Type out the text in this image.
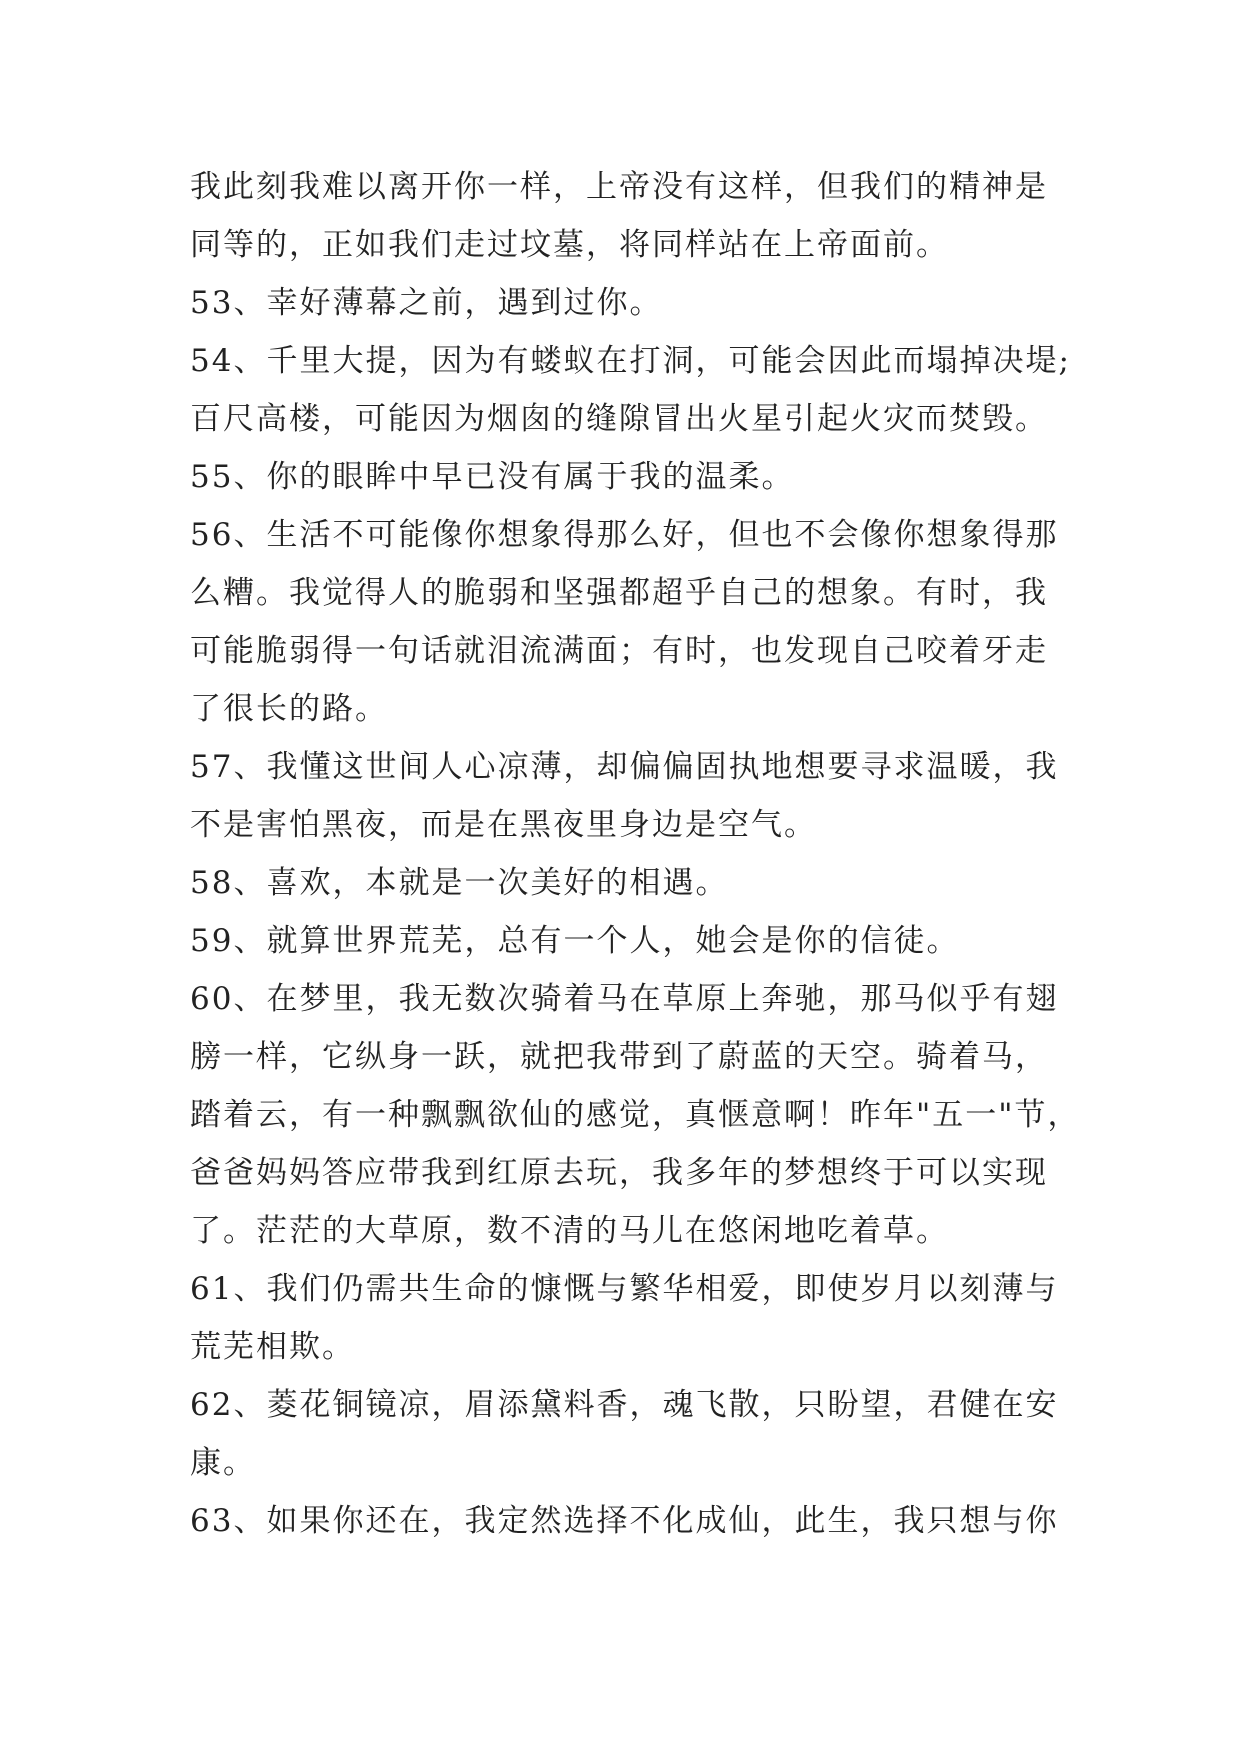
我此刻我难以离开你一样，上帝没有这样，但我们的精神是
同等的，正如我们走过坟墓，将同样站在上帝面前。
53、幸好薄幕之前，遇到过你。
54、千里大提，因为有蝼蚁在打洞，可能会因此而塌掉决堤;
百尺高楼，可能因为烟囱的缝隙冒出火星引起火灾而焚毁。
55、你的眼眸中早已没有属于我的温柔。
56、生活不可能像你想象得那么好，但也不会像你想象得那
么糟。我觉得人的脆弱和坚强都超乎自己的想象。有时，我
可能脆弱得一句话就泪流满面；有时，也发现自己咬着牙走
了很长的路。
57、我懂这世间人心凉薄，却偏偏固执地想要寻求温暖，我
不是害怕黑夜，而是在黑夜里身边是空气。
58、喜欢，本就是一次美好的相遇。
59、就算世界荒芜，总有一个人，她会是你的信徒。
60、在梦里，我无数次骑着马在草原上奔驰，那马似乎有翅
膀一样，它纵身一跃，就把我带到了蔚蓝的天空。骑着马，
踏着云，有一种飘飘欲仙的感觉，真惬意啊！昨年"五一"节，
爸爸妈妈答应带我到红原去玩，我多年的梦想终于可以实现
了。茫茫的大草原，数不清的马儿在悠闲地吃着草。
61、我们仍需共生命的慷慨与繁华相爱，即使岁月以刻薄与
荒芜相欺。
62、菱花铜镜凉，眉添黛料香，魂飞散，只盼望，君健在安
康。
63、如果你还在，我定然选择不化成仙，此生，我只想与你
